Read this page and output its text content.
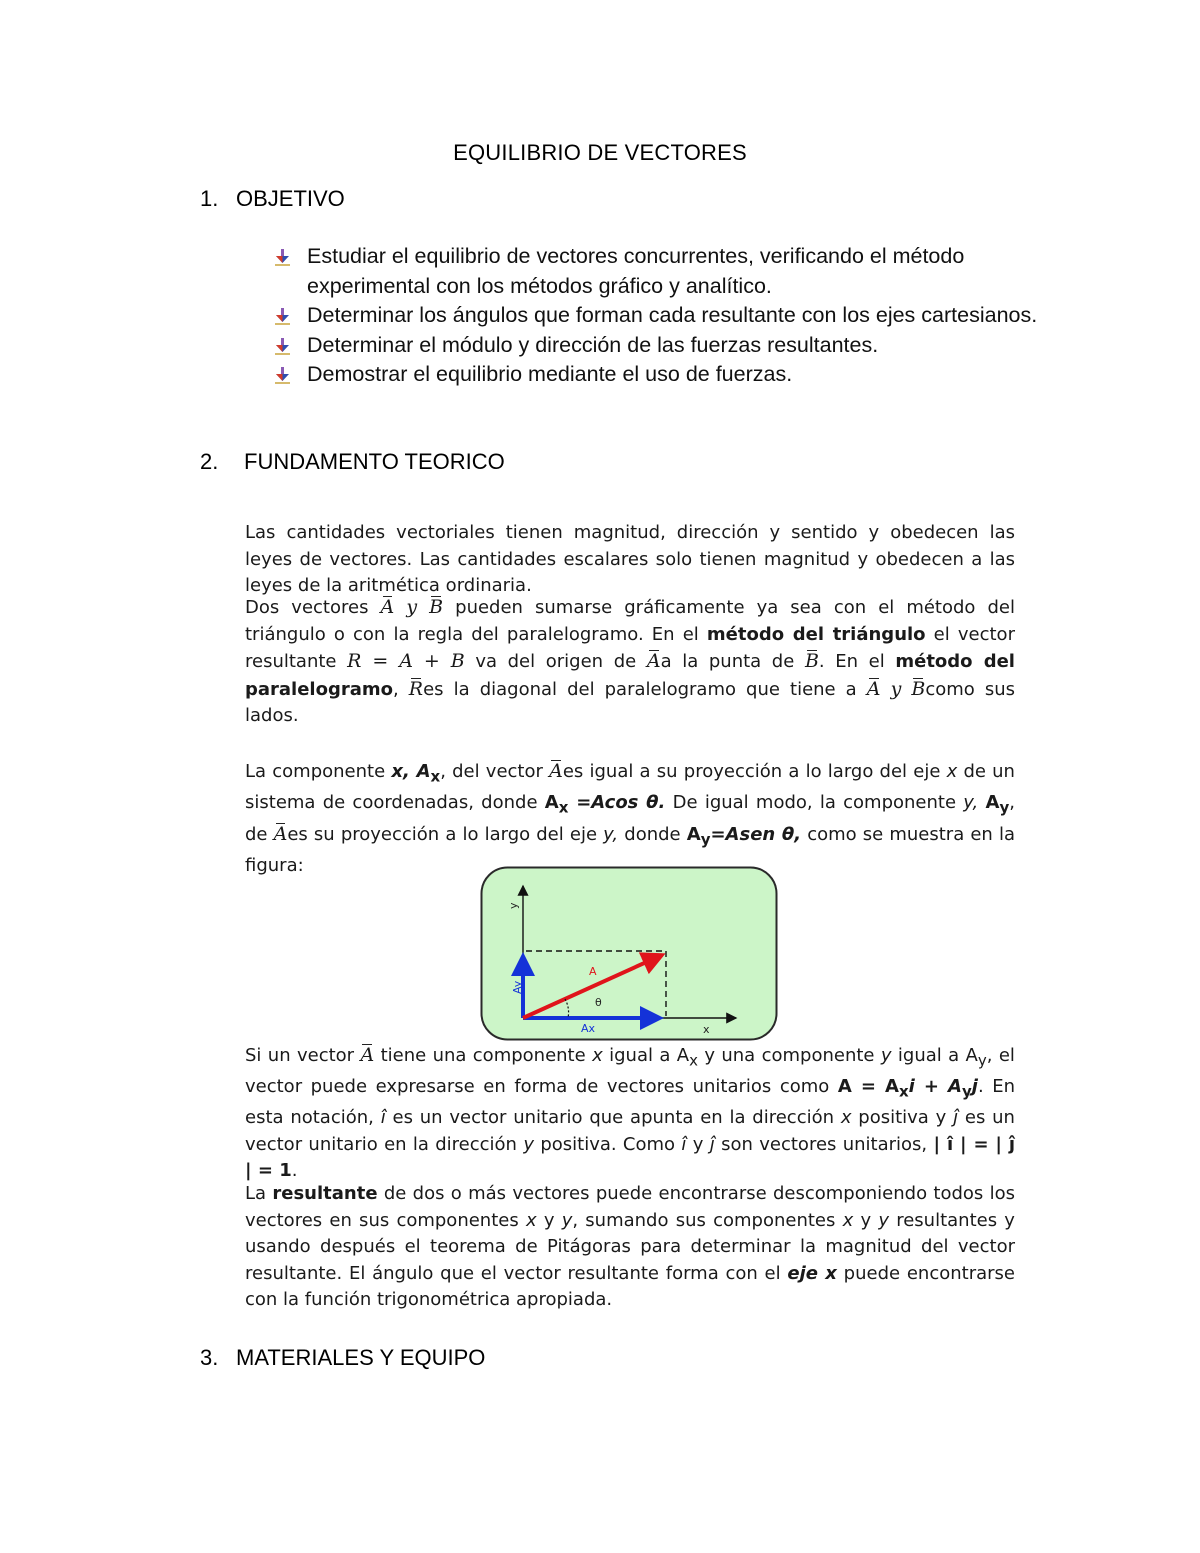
EQUILIBRIO DE VECTORES
1. OBJETIVO
Estudiar el equilibrio de vectores concurrentes, verificando el método experimental con los métodos gráfico y analítico.
Determinar los ángulos que forman cada resultante con los ejes cartesianos.
Determinar el módulo y dirección de las fuerzas resultantes.
Demostrar el equilibrio mediante el uso de fuerzas.
2. FUNDAMENTO TEORICO

Las cantidades vectoriales tienen magnitud, dirección y sentido y obedecen las leyes de vectores. Las cantidades escalares solo tienen magnitud y obedecen a las leyes de la aritmética ordinaria.

Dos vectores A y B pueden sumarse gráficamente ya sea con el método del triángulo o con la regla del paralelogramo. En el método del triángulo el vector resultante R = A + B va del origen de Aa la punta de B. En el método del paralelogramo, Res la diagonal del paralelogramo que tiene a A y Bcomo sus lados.

La componente x, $A_x$, del vector Aes igual a su proyección a lo largo del eje x de un sistema de coordenadas, donde $A_x =Acos$ θ. De igual modo, la componente y, $A_y$, de Aes su proyección a lo largo del eje y, donde $A_y=Asen$ θ, como se muestra en la figura:

y
x
A
θ
Ax
Ay

Si un vector A tiene una componente x igual a $A_x$ y una componente y igual a $A_y$, el vector puede expresarse en forma de vectores unitarios como $A = A_xi + A_yj$. En esta notación, î es un vector unitario que apunta en la dirección x positiva y ĵ es un vector unitario en la dirección y positiva. Como î y ĵ son vectores unitarios, | î | = | ĵ | = 1.

La resultante de dos o más vectores puede encontrarse descomponiendo todos los vectores en sus componentes x y y, sumando sus componentes x y y resultantes y usando después el teorema de Pitágoras para determinar la magnitud del vector resultante. El ángulo que el vector resultante forma con el eje x puede encontrarse con la función trigonométrica apropiada.

3. MATERIALES Y EQUIPO
